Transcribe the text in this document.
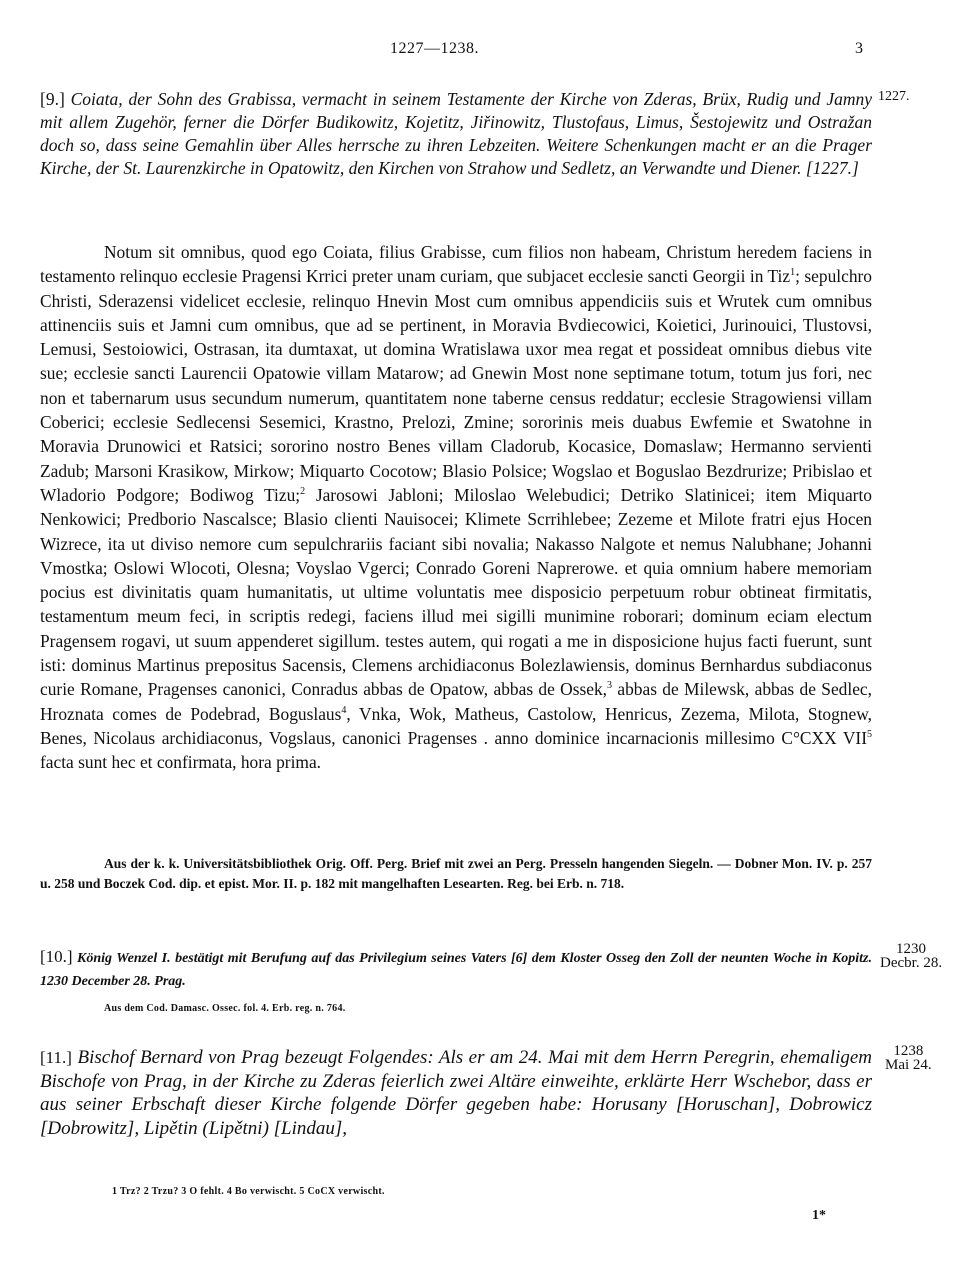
1227—1238.	3
1227.
[9.] Coiata, der Sohn des Grabissa, vermacht in seinem Testamente der Kirche von Zderas, Brüx, Rudig und Jamny mit allem Zugehör, ferner die Dörfer Budikowitz, Kojetitz, Jiřinowitz, Tlustofaus, Limus, Šestojewitz und Ostražan doch so, dass seine Gemahlin über Alles herrsche zu ihren Lebzeiten. Weitere Schenkungen macht er an die Prager Kirche, der St. Laurenzkirche in Opatowitz, den Kirchen von Strahow und Sedletz, an Verwandte und Diener. [1227.]
Notum sit omnibus, quod ego Coiata, filius Grabisse, cum filios non habeam, Christum heredem faciens in testamento relinquo ecclesie Pragensi Krrici preter unam curiam, que subjacet ecclesie sancti Georgii in Tiz$^1$; sepulchro Christi, Sderazensi videlicet ecclesie, relinquo Hnevin Most cum omnibus appendiciis suis et Wrutek cum omnibus attinenciis suis et Jamni cum omnibus, que ad se pertinent, in Moravia Bvdiecowici, Koietici, Jurinouici, Tlustovsi, Lemusi, Sestoiowici, Ostrasan, ita dumtaxat, ut domina Wratislawa uxor mea regat et possideat omnibus diebus vite sue; ecclesie sancti Laurencii Opatowie villam Matarow; ad Gnewin Most none septimane totum, totum jus fori, nec non et tabernarum usus secundum numerum, quantitatem none taberne census reddatur; ecclesie Stragowiensi villam Coberici; ecclesie Sedlecensi Sesemici, Krastno, Prelozi, Zmine; sororinis meis duabus Ewfemie et Swatohne in Moravia Drunowici et Ratsici; sororino nostro Benes villam Cladorub, Kocasice, Domaslaw; Hermanno servienti Zadub; Marsoni Krasikow, Mirkow; Miquarto Cocotow; Blasio Polsice; Wogslao et Boguslao Bezdrurize; Pribislao et Wladorio Podgore; Bodiwog Tizu;$^2$ Jarosowi Jabloni; Miloslao Welebudici; Detriko Slatinicei; item Miquarto Nenkowici; Predborio Nascalsce; Blasio clienti Nauisocei; Klimete Scrrihlebee; Zezeme et Milote fratri ejus Hocen Wizrece, ita ut diviso nemore cum sepulchrariis faciant sibi novalia; Nakasso Nalgote et nemus Nalubhane; Johanni Vmostka; Oslowi Wlocoti, Olesna; Voyslao Vgerci; Conrado Goreni Naprerowe. et quia omnium habere memoriam pocius est divinitatis quam humanitatis, ut ultime voluntatis mee disposicio perpetuum robur obtineat firmitatis, testamentum meum feci, in scriptis redegi, faciens illud mei sigilli munimine roborari; dominum eciam electum Pragensem rogavi, ut suum appenderet sigillum. testes autem, qui rogati a me in disposicione hujus facti fuerunt, sunt isti: dominus Martinus prepositus Sacensis, Clemens archidiaconus Bolezlawiensis, dominus Bernhardus subdiaconus curie Romane, Pragenses canonici, Conradus abbas de Opatow, abbas de Ossek,$^3$ abbas de Milewsk, abbas de Sedlec, Hroznata comes de Podebrad, Boguslaus$^4$, Vnka, Wok, Matheus, Castolow, Henricus, Zezema, Milota, Stognew, Benes, Nicolaus archidiaconus, Vogslaus, canonici Pragenses . anno dominice incarnacionis millesimo C°CXX VII$^5$ facta sunt hec et confirmata, hora prima.
Aus der k. k. Universitätsbibliothek Orig. Off. Perg. Brief mit zwei an Perg. Presseln hangenden Siegeln. — Dobner Mon. IV. p. 257 u. 258 und Boczek Cod. dip. et epist. Mor. II. p. 182 mit mangelhaften Lesearten. Reg. bei Erb. n. 718.
1230
Decbr. 28.
[10.] König Wenzel I. bestätigt mit Berufung auf das Privilegium seines Vaters [6] dem Kloster Osseg den Zoll der neunten Woche in Kopitz. 1230 December 28. Prag.
Aus dem Cod. Damasc. Ossec. fol. 4. Erb. reg. n. 764.
1238
Mai 24.
[11.] Bischof Bernard von Prag bezeugt Folgendes: Als er am 24. Mai mit dem Herrn Peregrin, ehemaligem Bischofe von Prag, in der Kirche zu Zderas feierlich zwei Altäre einweihte, erklärte Herr Wschebor, dass er aus seiner Erbschaft dieser Kirche folgende Dörfer gegeben habe: Horusany [Horuschan], Dobrowicz [Dobrowitz], Lipětin (Lipětni) [Lindau],
1 Trz? 2 Trzu? 3 O fehlt. 4 Bo verwischt. 5 CoCX verwischt.
1*
